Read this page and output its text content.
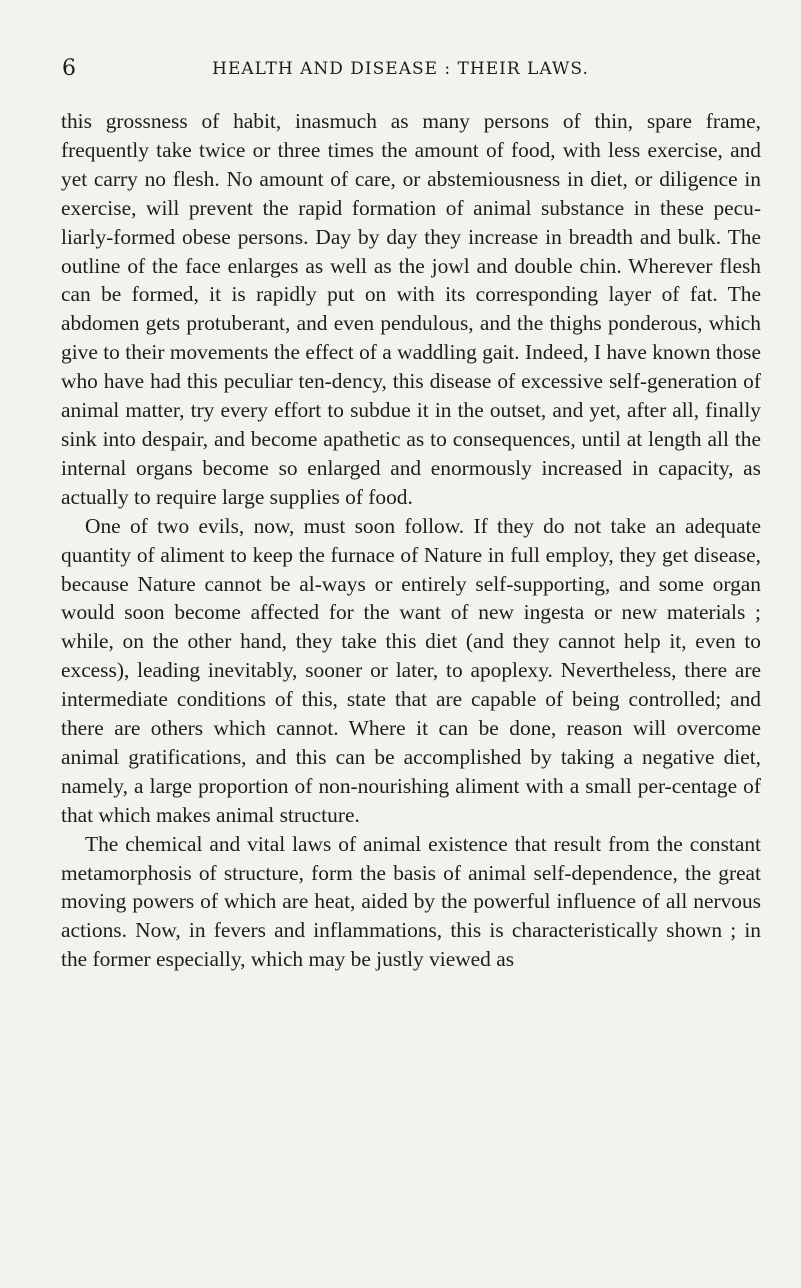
6	HEALTH AND DISEASE : THEIR LAWS.

this grossness of habit, inasmuch as many persons of thin, spare frame, frequently take twice or three times the amount of food, with less exercise, and yet carry no flesh. No amount of care, or abstemiousness in diet, or diligence in exercise, will prevent the rapid formation of animal substance in these pecu-liarly-formed obese persons. Day by day they increase in breadth and bulk. The outline of the face enlarges as well as the jowl and double chin. Wherever flesh can be formed, it is rapidly put on with its corresponding layer of fat. The abdomen gets protuberant, and even pendulous, and the thighs ponderous, which give to their movements the effect of a waddling gait. Indeed, I have known those who have had this peculiar ten-dency, this disease of excessive self-generation of animal matter, try every effort to subdue it in the outset, and yet, after all, finally sink into despair, and become apathetic as to consequences, until at length all the internal organs become so enlarged and enormously increased in capacity, as actually to require large supplies of food.

One of two evils, now, must soon follow. If they do not take an adequate quantity of aliment to keep the furnace of Nature in full employ, they get disease, because Nature cannot be al-ways or entirely self-supporting, and some organ would soon become affected for the want of new ingesta or new materials ; while, on the other hand, they take this diet (and they cannot help it, even to excess), leading inevitably, sooner or later, to apoplexy. Nevertheless, there are intermediate conditions of this, state that are capable of being controlled; and there are others which cannot. Where it can be done, reason will overcome animal gratifications, and this can be accomplished by taking a negative diet, namely, a large proportion of non-nourishing aliment with a small per-centage of that which makes animal structure.

The chemical and vital laws of animal existence that result from the constant metamorphosis of structure, form the basis of animal self-dependence, the great moving powers of which are heat, aided by the powerful influence of all nervous actions. Now, in fevers and inflammations, this is characteristically shown ; in the former especially, which may be justly viewed as
